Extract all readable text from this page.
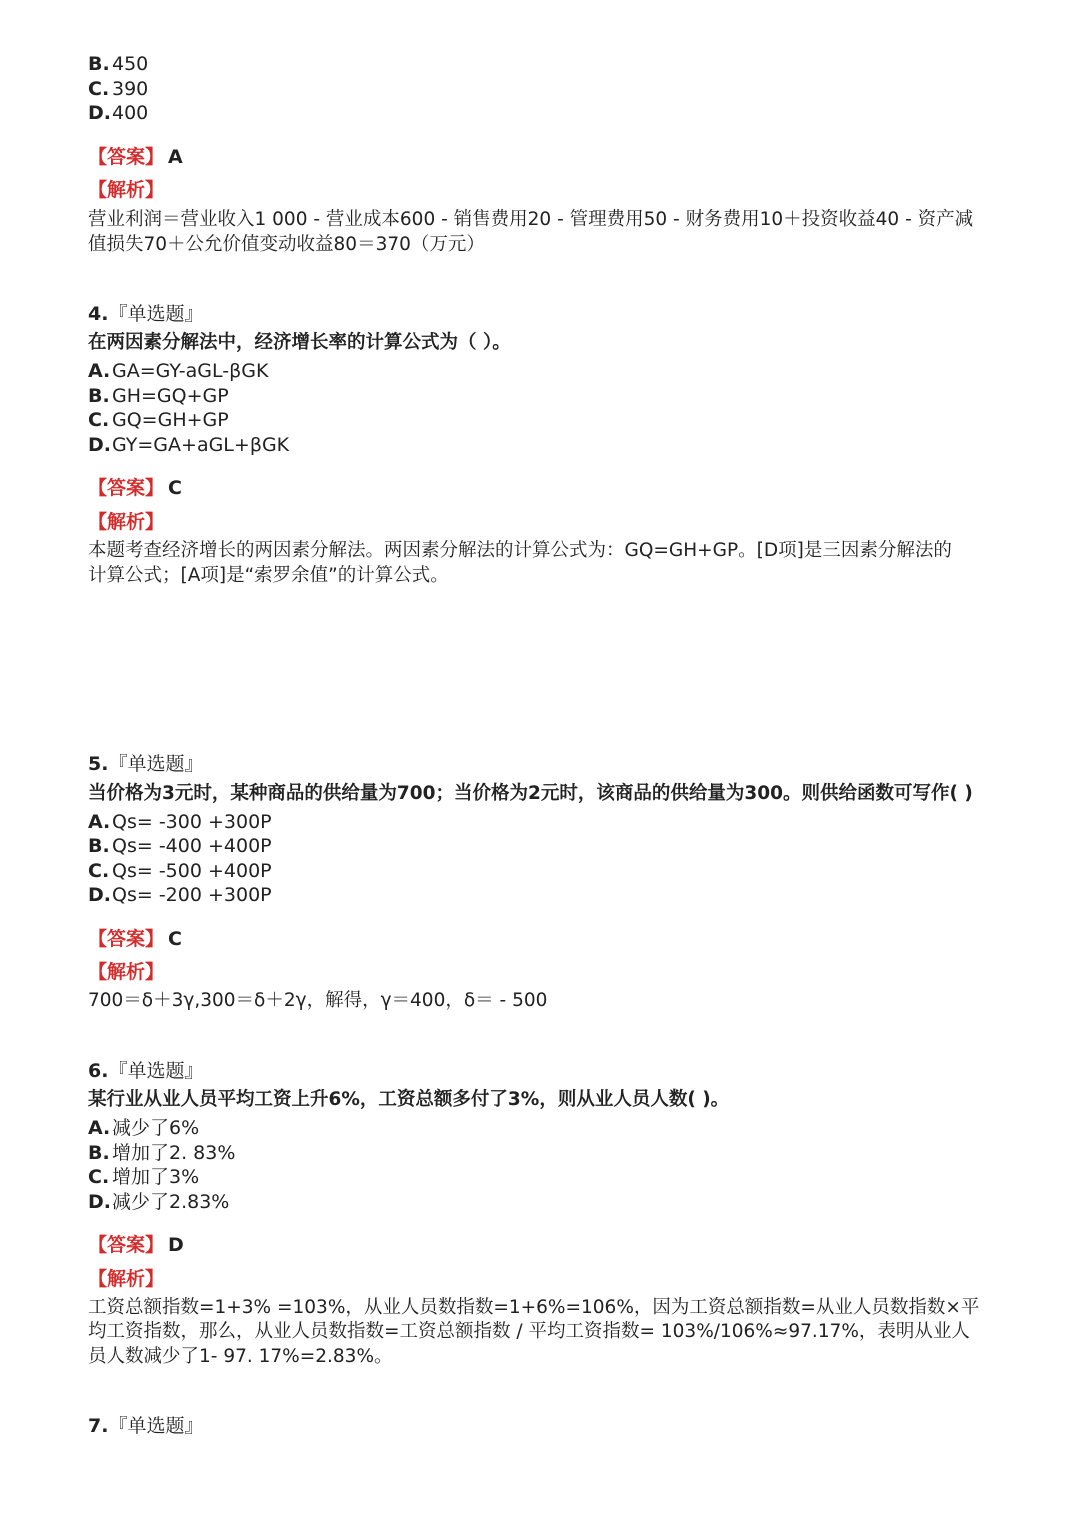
B. 450
C. 390
D.400
【答案】 A
【解析】
营业利润＝营业收入1 000 - 营业成本600 - 销售费用20 - 管理费用50 - 财务费用10＋投资收益40 - 资产减
值损失70＋公允价值变动收益80＝370（万元）
4.『单选题』
在两因素分解法中，经济增长率的计算公式为（ ）。
A.GA=GY-aGL-βGK
B. GH=GQ+GP
C. GQ=GH+GP
D.GY=GA+aGL+βGK
【答案】 C
【解析】
本题考查经济增长的两因素分解法。两因素分解法的计算公式为：GQ=GH+GP。[D项]是三因素分解法的
计算公式；[A项]是“索罗余值”的计算公式。
5.『单选题』
当价格为3元时，某种商品的供给量为700；当价格为2元时，该商品的供给量为300。则供给函数可写作( )
A.Qs= -300 +300P
B. Qs= -400 +400P
C. Qs= -500 +400P
D.Qs= -200 +300P
【答案】 C
【解析】
700＝δ＋3γ,300＝δ＋2γ，解得，γ＝400，δ＝ - 500
6.『单选题』
某行业从业人员平均工资上升6%，工资总额多付了3%，则从业人员人数( )。
A.减少了6%
B. 增加了2. 83%
C. 增加了3%
D.减少了2.83%
【答案】 D
【解析】
工资总额指数=1+3% =103%，从业人员数指数=1+6%=106%，因为工资总额指数=从业人员数指数×平
均工资指数，那么，从业人员数指数=工资总额指数 / 平均工资指数= 103%/106%≈97.17%，表明从业人
员人数减少了1- 97. 17%=2.83%。
7.『单选题』
